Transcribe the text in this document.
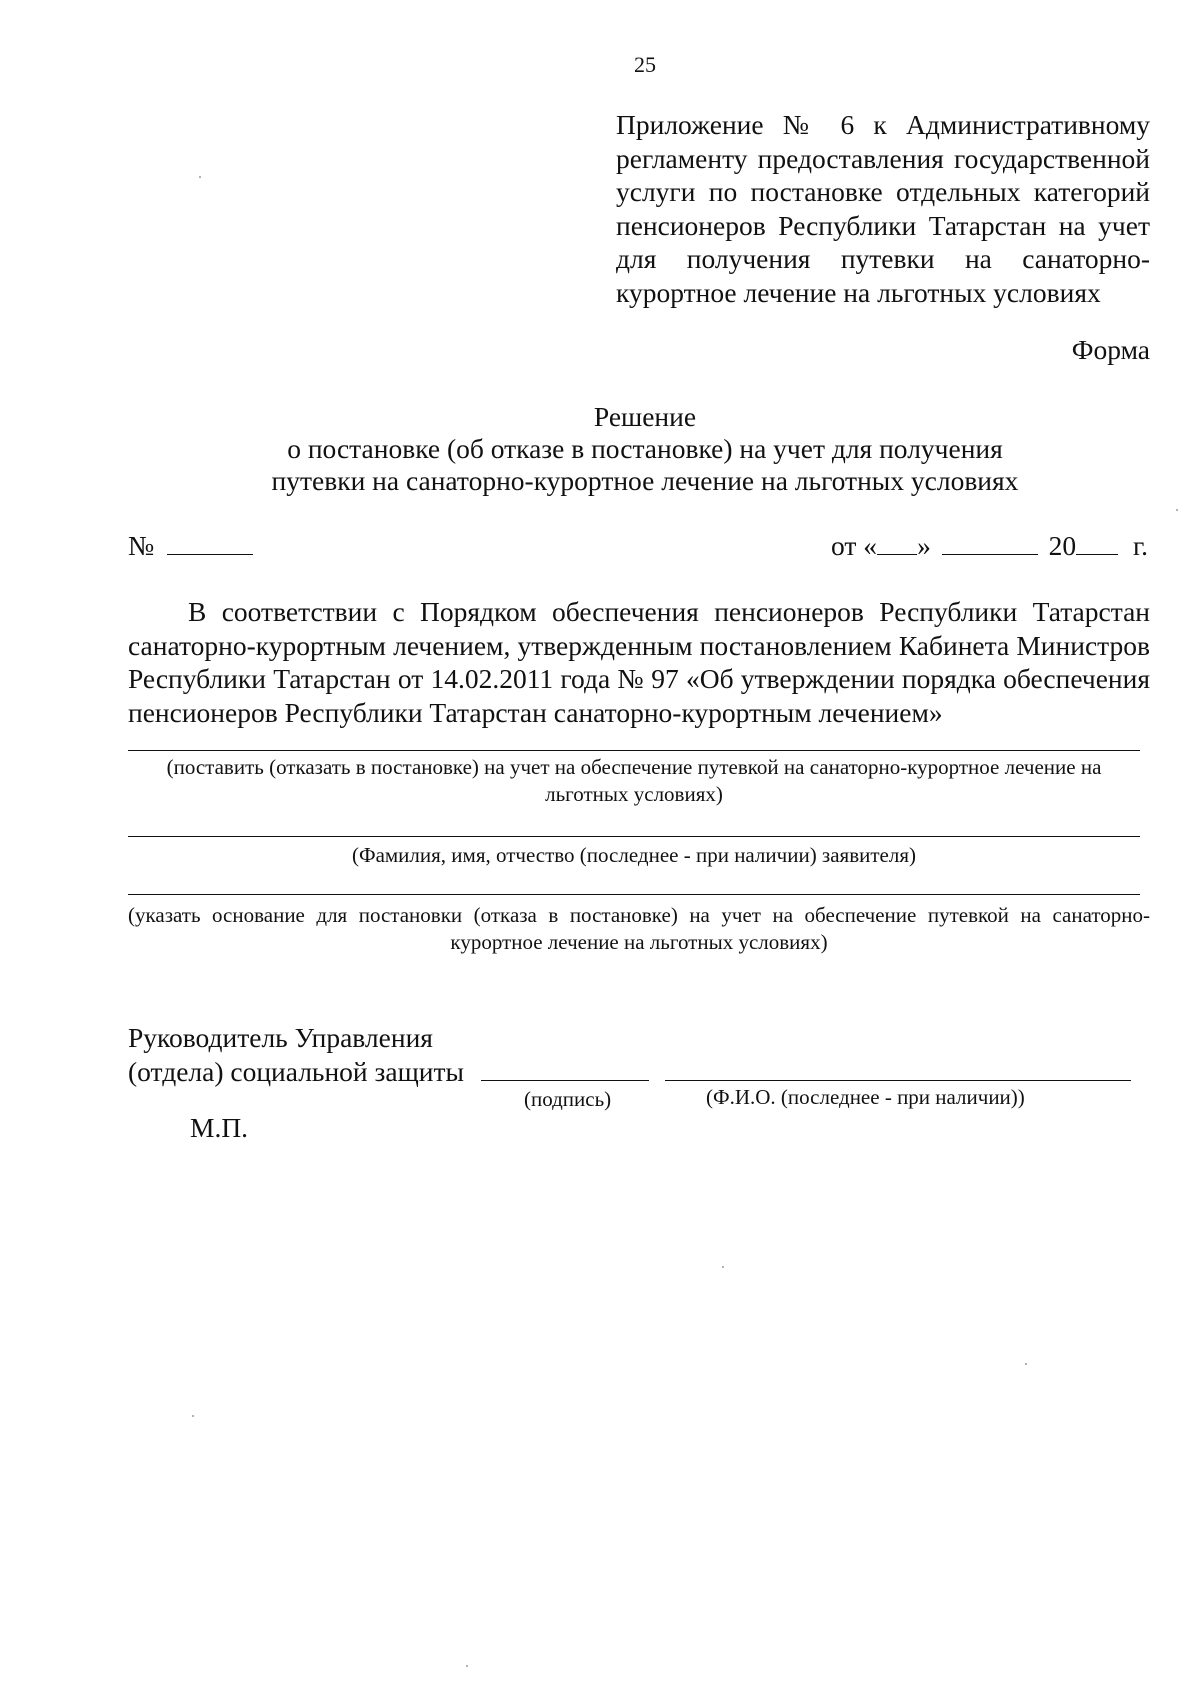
25
Приложение № 6 к Административному регламенту предоставления государственной услуги по постановке отдельных категорий пенсионеров Республики Татарстан на учет для получения путевки на санаторно-курортное лечение на льготных условиях
Форма
Решение
о постановке (об отказе в постановке) на учет для получения
путевки на санаторно-курортное лечение на льготных условиях
№	от « »	20 г.
В соответствии с Порядком обеспечения пенсионеров Республики Татарстан санаторно-курортным лечением, утвержденным постановлением Кабинета Министров Республики Татарстан от 14.02.2011 года № 97 «Об утверждении порядка обеспечения пенсионеров Республики Татарстан санаторно-курортным лечением»
(поставить (отказать в постановке) на учет на обеспечение путевкой на санаторно-курортное лечение на льготных условиях)
(Фамилия, имя, отчество (последнее - при наличии) заявителя)
(указать основание для постановки (отказа в постановке) на учет на обеспечение путевкой на санаторно-курортное лечение на льготных условиях)
Руководитель Управления
(отдела) социальной защиты
(подпись)	(Ф.И.О. (последнее - при наличии))
М.П.
